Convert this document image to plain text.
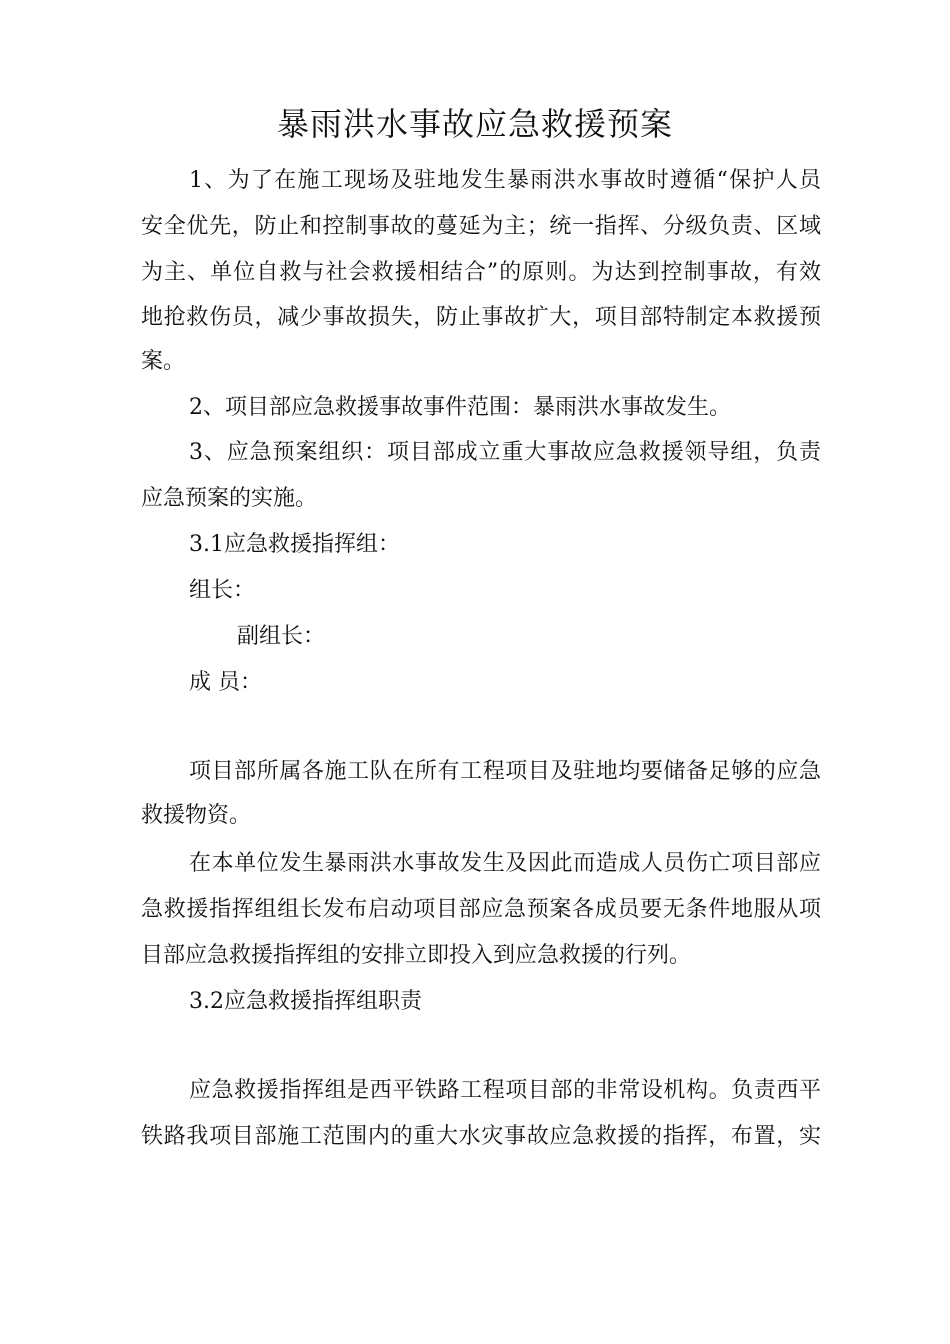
暴雨洪水事故应急救援预案
1、为了在施工现场及驻地发生暴雨洪水事故时遵循“保护人员
安全优先，防止和控制事故的蔓延为主；统一指挥、分级负责、区域
为主、单位自救与社会救援相结合”的原则。为达到控制事故，有效
地抢救伤员，减少事故损失，防止事故扩大，项目部特制定本救援预
案。
2、项目部应急救援事故事件范围：暴雨洪水事故发生。
3、应急预案组织：项目部成立重大事故应急救援领导组，负责
应急预案的实施。
3.1应急救援指挥组：
组长：
副组长：
成 员：
项目部所属各施工队在所有工程项目及驻地均要储备足够的应急
救援物资。
在本单位发生暴雨洪水事故发生及因此而造成人员伤亡项目部应
急救援指挥组组长发布启动项目部应急预案各成员要无条件地服从项
目部应急救援指挥组的安排立即投入到应急救援的行列。
3.2应急救援指挥组职责
应急救援指挥组是西平铁路工程项目部的非常设机构。负责西平
铁路我项目部施工范围内的重大水灾事故应急救援的指挥，布置，实
